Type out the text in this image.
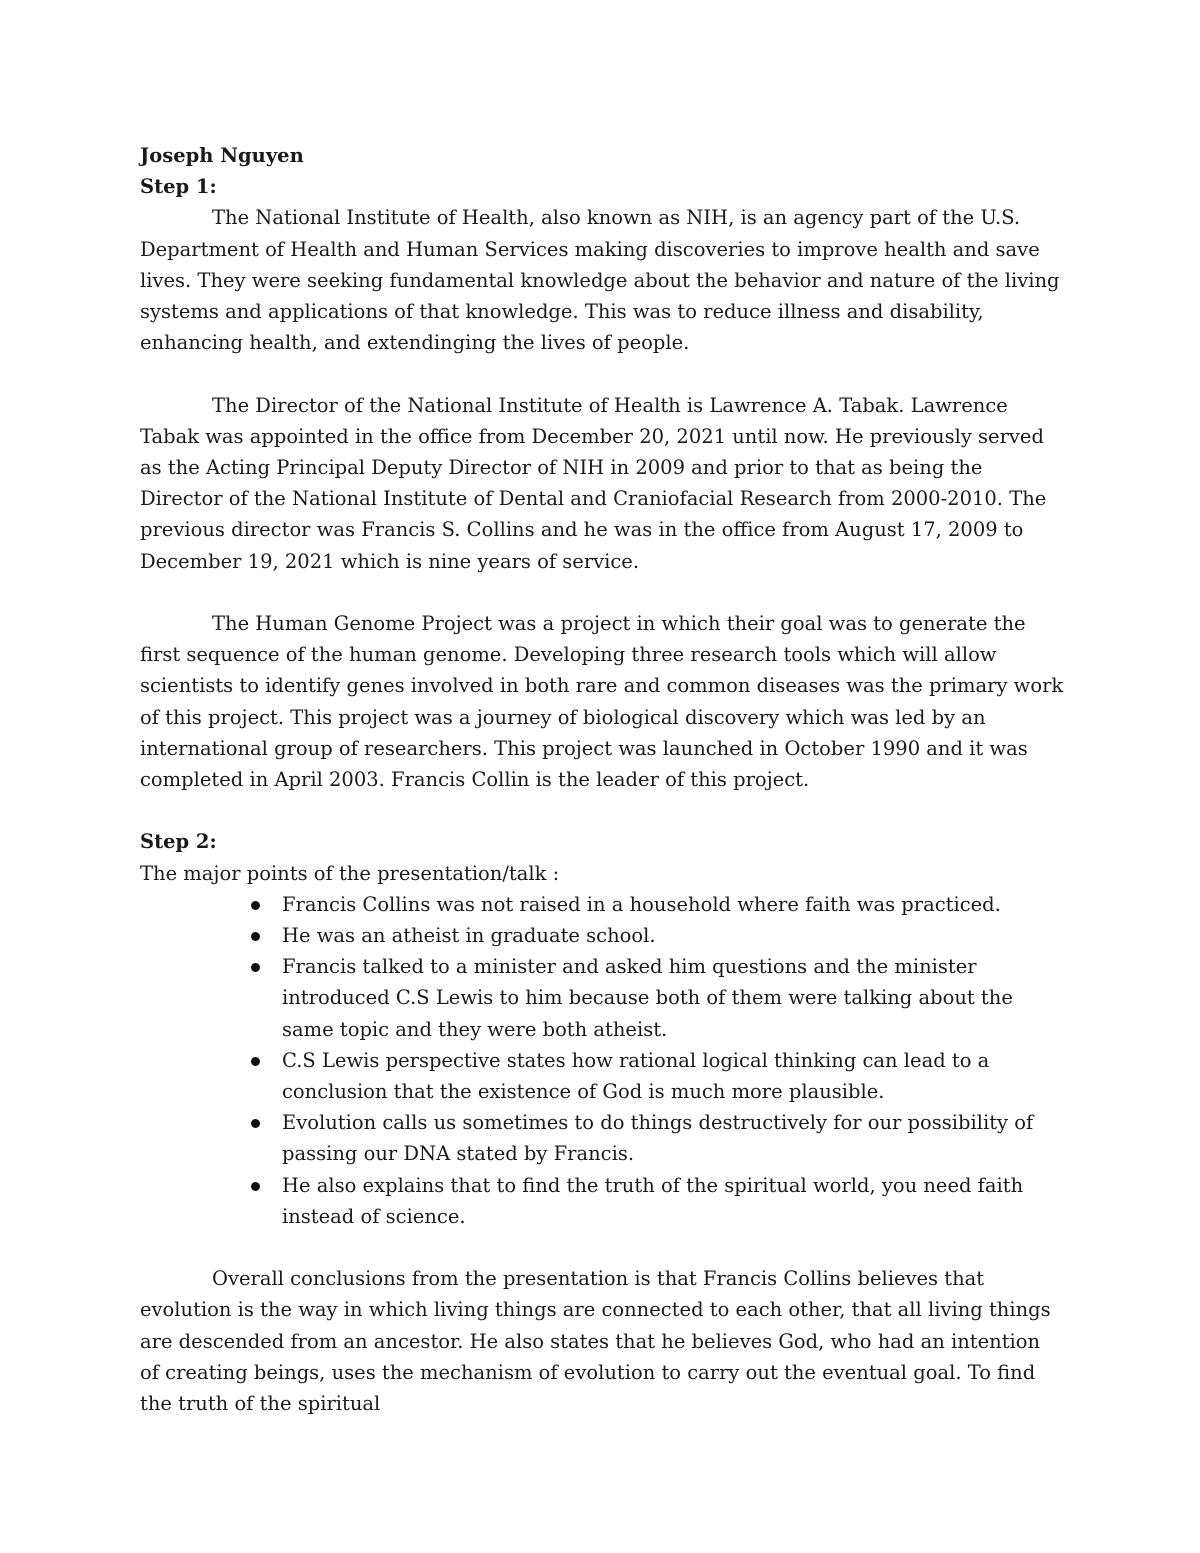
Joseph Nguyen

Step 1:

The National Institute of Health, also known as NIH, is an agency part of the U.S. Department of Health and Human Services making discoveries to improve health and save lives. They were seeking fundamental knowledge about the behavior and nature of the living systems and applications of that knowledge. This was to reduce illness and disability, enhancing health, and extendinging the lives of people.

The Director of the National Institute of Health is Lawrence A. Tabak. Lawrence Tabak was appointed in the office from December 20, 2021 until now. He previously served as the Acting Principal Deputy Director of NIH in 2009 and prior to that as being the Director of the National Institute of Dental and Craniofacial Research from 2000-2010. The previous director was Francis S. Collins and he was in the office from August 17, 2009 to December 19, 2021 which is nine years of service.

The Human Genome Project was a project in which their goal was to generate the first sequence of the human genome. Developing three research tools which will allow scientists to identify genes involved in both rare and common diseases was the primary work of this project. This project was a journey of biological discovery which was led by an international group of researchers. This project was launched in October 1990 and it was completed in April 2003. Francis Collin is the leader of this project.

Step 2:

The major points of the presentation/talk :

Francis Collins was not raised in a household where faith was practiced.
He was an atheist in graduate school.
Francis talked to a minister and asked him questions and the minister introduced C.S Lewis to him because both of them were talking about the same topic and they were both atheist.
C.S Lewis perspective states how rational logical thinking can lead to a conclusion that the existence of God is much more plausible.
Evolution calls us sometimes to do things destructively for our possibility of passing our DNA stated by Francis.
He also explains that to find the truth of the spiritual world, you need faith instead of science.

Overall conclusions from the presentation is that Francis Collins believes that evolution is the way in which living things are connected to each other, that all living things are descended from an ancestor. He also states that he believes God, who had an intention of creating beings, uses the mechanism of evolution to carry out the eventual goal. To find the truth of the spiritual
